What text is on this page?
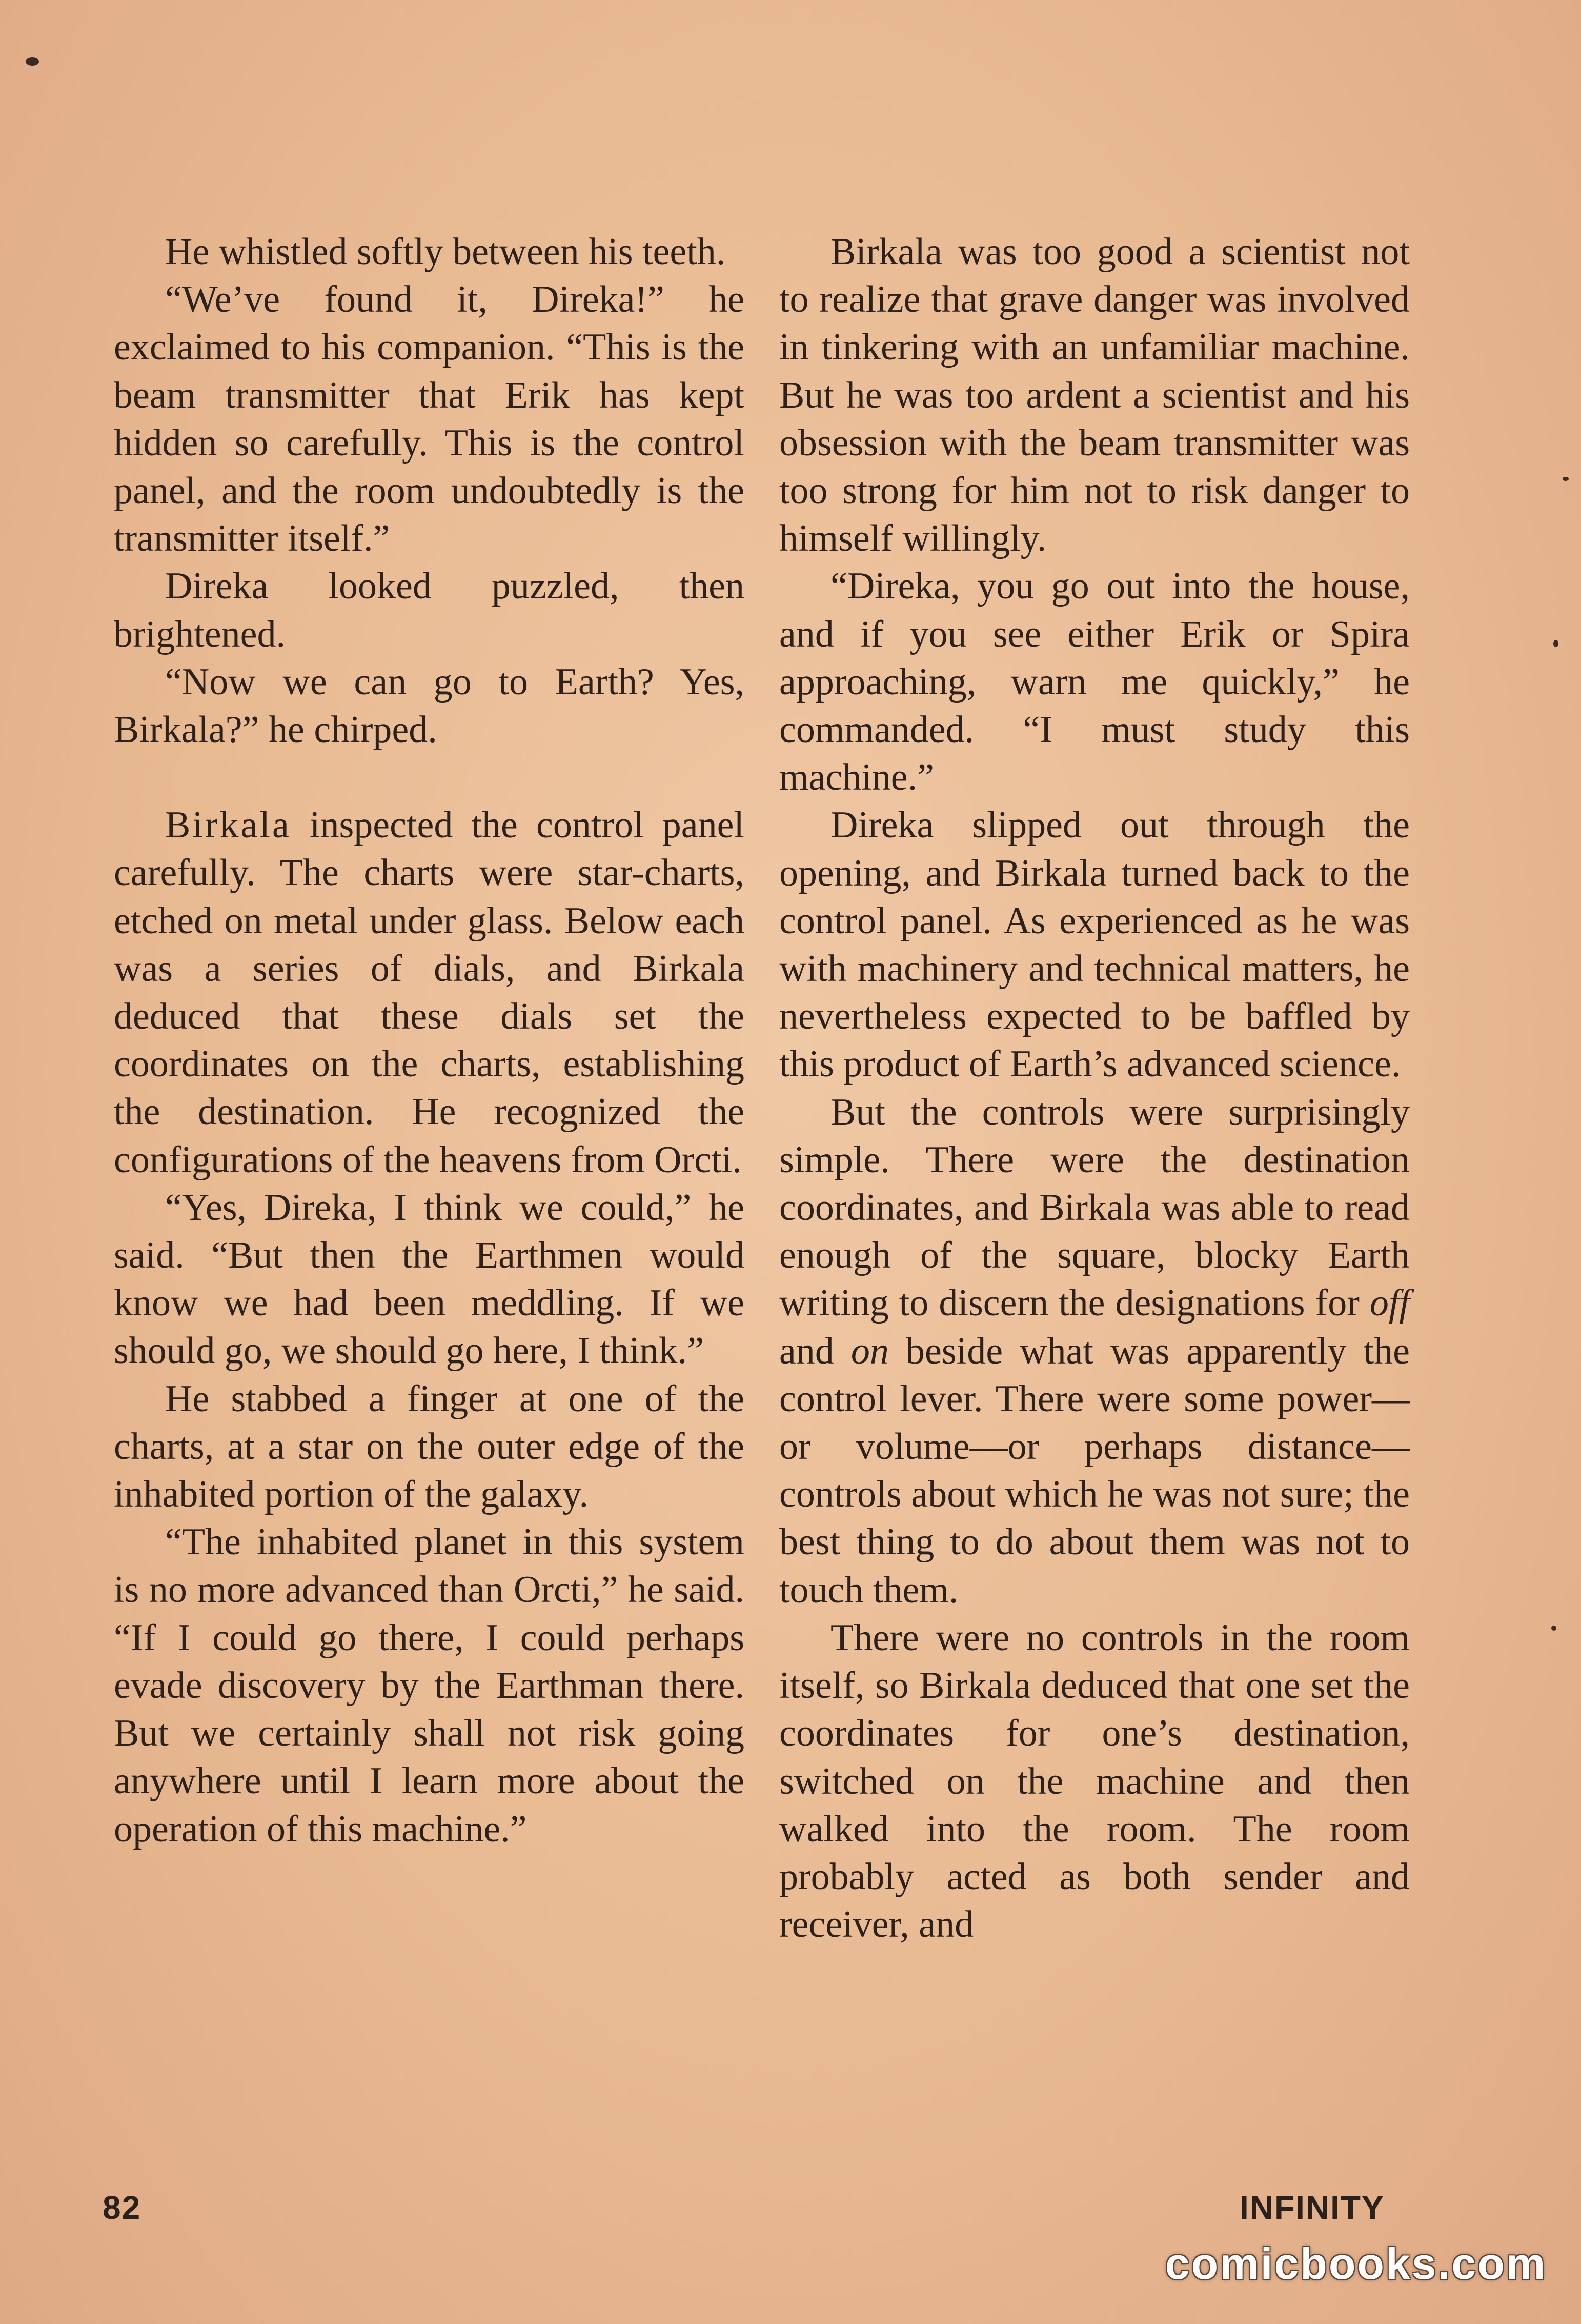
He whistled softly between his teeth.

“We’ve found it, Direka!” he exclaimed to his companion. “This is the beam transmitter that Erik has kept hidden so carefully. This is the control panel, and the room undoubtedly is the transmitter itself.”

Direka looked puzzled, then brightened.

“Now we can go to Earth? Yes, Birkala?” he chirped.

Birkala inspected the control panel carefully. The charts were star-charts, etched on metal under glass. Below each was a series of dials, and Birkala deduced that these dials set the coordinates on the charts, establishing the destination. He recognized the configurations of the heavens from Orcti.

“Yes, Direka, I think we could,” he said. “But then the Earthmen would know we had been meddling. If we should go, we should go here, I think.”

He stabbed a finger at one of the charts, at a star on the outer edge of the inhabited portion of the galaxy.

“The inhabited planet in this system is no more advanced than Orcti,” he said. “If I could go there, I could perhaps evade discovery by the Earthman there. But we certainly shall not risk going anywhere until I learn more about the operation of this machine.”

Birkala was too good a scientist not to realize that grave danger was involved in tinkering with an unfamiliar machine. But he was too ardent a scientist and his obsession with the beam transmitter was too strong for him not to risk danger to himself willingly.

“Direka, you go out into the house, and if you see either Erik or Spira approaching, warn me quickly,” he commanded. “I must study this machine.”

Direka slipped out through the opening, and Birkala turned back to the control panel. As experienced as he was with machinery and technical matters, he nevertheless expected to be baffled by this product of Earth’s advanced science.

But the controls were surprisingly simple. There were the destination coordinates, and Birkala was able to read enough of the square, blocky Earth writing to discern the designations for off and on beside what was apparently the control lever. There were some power—or volume—or perhaps distance—controls about which he was not sure; the best thing to do about them was not to touch them.

There were no controls in the room itself, so Birkala deduced that one set the coordinates for one’s destination, switched on the machine and then walked into the room. The room probably acted as both sender and receiver, and

82	INFINITY
comicbooks.com
